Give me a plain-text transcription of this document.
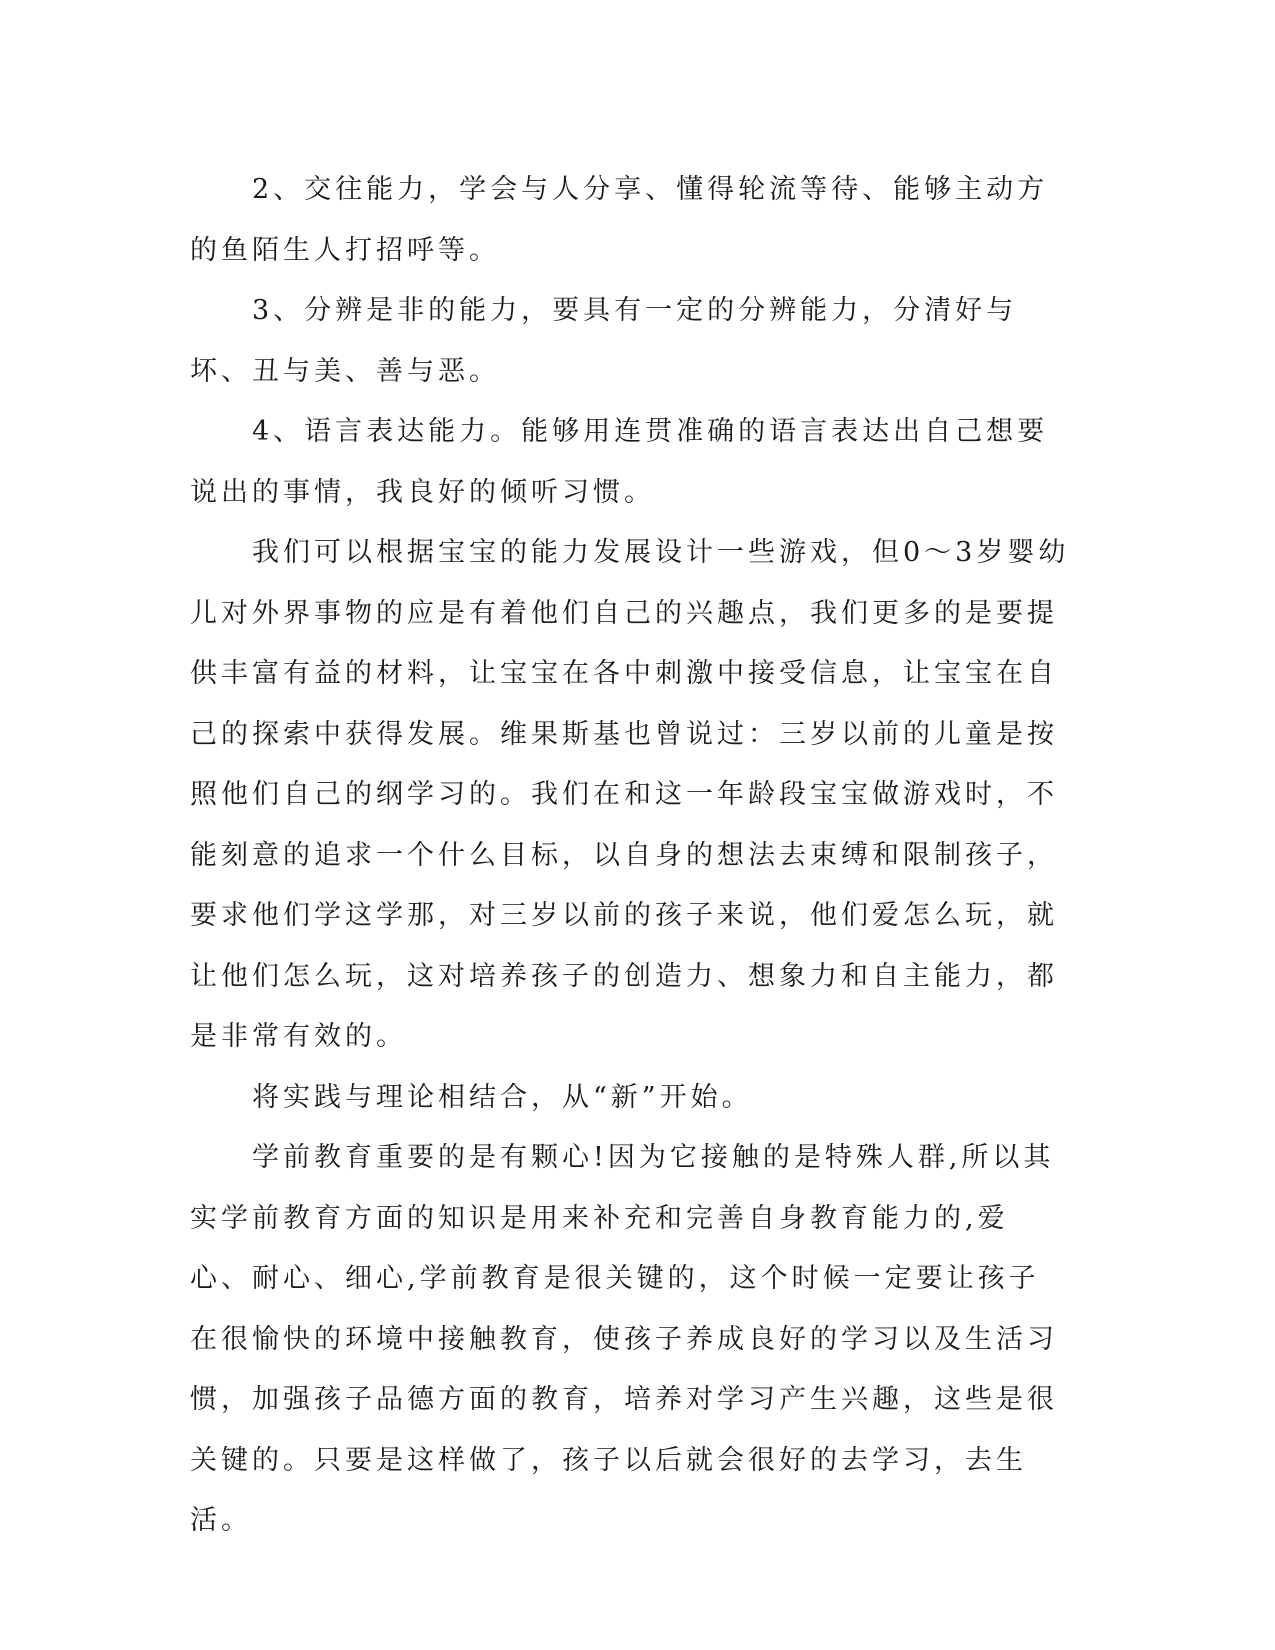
2、交往能力，学会与人分享、懂得轮流等待、能够主动方的鱼陌生人打招呼等。

3、分辨是非的能力，要具有一定的分辨能力，分清好与坏、丑与美、善与恶。

4、语言表达能力。能够用连贯准确的语言表达出自己想要说出的事情，我良好的倾听习惯。

我们可以根据宝宝的能力发展设计一些游戏，但0～3岁婴幼儿对外界事物的应是有着他们自己的兴趣点，我们更多的是要提供丰富有益的材料，让宝宝在各中刺激中接受信息，让宝宝在自己的探索中获得发展。维果斯基也曾说过：三岁以前的儿童是按照他们自己的纲学习的。我们在和这一年龄段宝宝做游戏时，不能刻意的追求一个什么目标，以自身的想法去束缚和限制孩子，要求他们学这学那，对三岁以前的孩子来说，他们爱怎么玩，就让他们怎么玩，这对培养孩子的创造力、想象力和自主能力，都是非常有效的。

将实践与理论相结合，从“新”开始。

学前教育重要的是有颗心!因为它接触的是特殊人群,所以其实学前教育方面的知识是用来补充和完善自身教育能力的,爱心、耐心、细心,学前教育是很关键的，这个时候一定要让孩子在很愉快的环境中接触教育，使孩子养成良好的学习以及生活习惯，加强孩子品德方面的教育，培养对学习产生兴趣，这些是很关键的。只要是这样做了，孩子以后就会很好的去学习，去生活。
